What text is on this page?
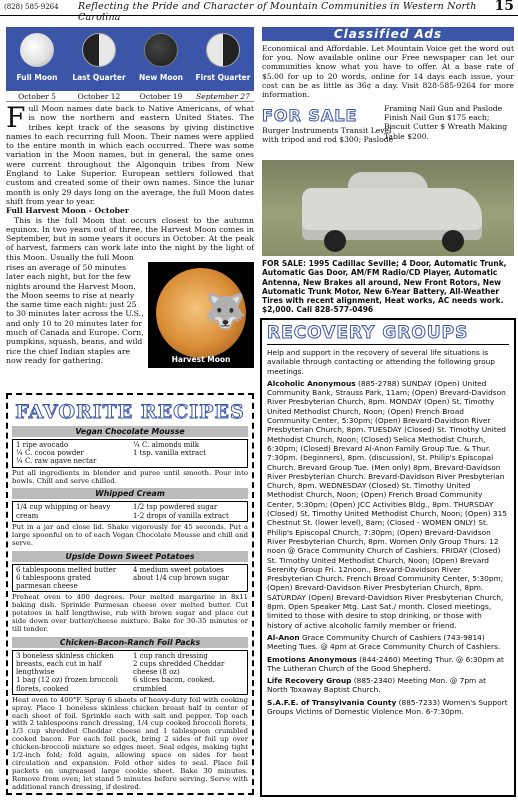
(828) 585-9264 Reflecting the Pride and Character of Mountain Communities in Western North Carolina
15
Full Moon	Last Quarter	New Moon	First Quarter
October 5	October 12	October 19	September 27

Full Moon names date back to Native Americans, of what is now the northern and eastern United States. The tribes kept track of the seasons by giving distinctive names to each recurring full Moon. Their names were applied to the entire month in which each occurred. There was some variation in the Moon names, but in general, the same ones were current throughout the Algonquin tribes from New England to Lake Superior. European settlers followed that custom and created some of their own names. Since the lunar month is only 29 days long on the average, the full Moon dates shift from year to year.

Full Harvest Moon - October

This is the full Moon that occurs closest to the autumn equinox. In two years out of three, the Harvest Moon comes in September, but in some years it occurs in October. At the peak of harvest, farmers can work late into the night by the light of this Moon. Usually the full Moon

rises an average of 50 minutes later each night, but for the few nights around the Harvest Moon, the Moon seems to rise at nearly the same time each night: just 25 to 30 minutes later across the U.S., and only 10 to 20 minutes later for much of Canada and Europe. Corn, pumpkins, squash, beans, and wild rice the chief Indian staples are now ready for gathering.
🐺
Harvest Moon
FAVORITE RECIPES
Vegan Chocolate Mousse
1 ripe avocado
¼ C. cocoa powder
¼ C. raw agave nectar
¼ C. almonds milk
1 tsp. vanilla extract
Put all ingredients in blender and puree until smooth. Pour into bowls. Chill and serve chilled.
Whipped Cream
1/4 cup whipping or heavy cream
1/2 tsp powdered sugar
1-2 drops of vanilla extract
Put in a jar and close lid. Shake vigorously for 45 seconds. Put a large spoonful on to of each Vegan Chocolate Mousse and chill and serve.
Upside Down Sweet Potatoes
6 tablespoons melted butter
6 tablespoons grated parmesan cheese
4 medium sweet potatoes about 1/4 cup brown sugar
Preheat oven to 400 degrees. Pour melted margarine in 8x11 baking dish. Sprinkle Parmesan cheese over melted butter. Cut potatoes in half lengthwise, rub with brown sugar and place cut side down over butter/cheese mixture. Bake for 30-35 minutes or till tender.
Chicken-Bacon-Ranch Foil Packs
3 boneless skinless chicken breasts, each cut in half lengthwise
1 bag (12 oz) frozen broccoli florets, cooked
1 cup ranch dressing
2 cups shredded Cheddar cheese (8 oz)
6 slices bacon, cooked, crumbled
Heat oven to 400°F. Spray 6 sheets of heavy-duty foil with cooking spray. Place 1 boneless skinless chicken breast half in center of each sheet of foil. Sprinkle each with salt and pepper. Top each with 2 tablespoons ranch dressing, 1/4 cup cooked broccoli florets, 1/3 cup shredded Cheddar cheese and 1 tablespoon crumbled cooked bacon. For each foil pack, bring 2 sides of foil up over chicken-broccoli mixture so edges meet. Seal edges, making tight 1/2-inch fold; fold again, allowing space on sides for heat circulation and expansion. Fold other sides to seal. Place foil packets on ungreased large cookie sheet. Bake 30 minutes. Remove from oven; let stand 5 minutes before serving. Serve with additional ranch dressing, if desired.
Classified Ads
Economical and Affordable. Let Mountain Voice get the word out for you. Now available online our Free newspaper can let our communities know what you have to offer. At a base rate of $5.00 for up to 20 words, online for 14 days each issue, your cost can be as little as 36¢ a day. Visit 828-585-9264 for more information.
FOR SALE
Burger Instruments Transit Level with tripod and rod $300; Paslode
Framing Nail Gun and Paslode Finish Nail Gun $175 each; Biscuit Cutter $ Wreath Making Table $200.
FOR SALE: 1995 Cadillac Seville; 4 Door, Automatic Trunk, Automatic Gas Door, AM/FM Radio/CD Player, Automatic Antenna, New Brakes all around, New Front Rotors, New Automatic Trunk Motor, New 6-Year Battery, All-Weather Tires with recent alignment, Heat works, AC needs work. $2,000. Call 828-577-0496
RECOVERY GROUPS
Help and support in the recovery of several life situations is available through contacting or attending the following group meetings.
Alcoholic Anonymous (885-2788) SUNDAY (Open) United Community Bank, Strauss Park, 11am; (Open) Brevard-Davidson River Presbyterian Church, 8pm. MONDAY (Open) St. Timothy United Methodist Church, Noon; (Open) French Broad Community Center, 5:30pm; (Open) Brevard-Davidson River Presbyterian Church, 8pm. TUESDAY (Closed) St. Timothy United Methodist Church, Noon; (Closed) Selica Methodist Church, 6:30pm; (Closed) Brevard Al-Anon Family Group Tue. & Thur. 7:30pm. (beginners), 8pm. (discussion), St. Philip's Episcopal Church. Brevard Group Tue. (Men only) 8pm, Brevard-Davidson River Presbyterian Church. Brevard-Davidson River Presbyterian Church, 8pm. WEDNESDAY (Closed) St. Timothy United Methodist Church, Noon; (Open) French Broad Community Center, 5:30pm; (Open) JCC Activities Bldg., 8pm. THURSDAY (Closed) St. Timothy United Methodist Church, Noon; (Open) 315 Chestnut St. (lower level), 8am; (Closed - WOMEN ONLY) St. Philip's Episcopal Church, 7:30pm; (Open) Brevard-Davidson River Presbyterian Church, 8pm. Women Only Group Thurs. 12 noon @ Grace Community Church of Cashiers. FRIDAY (Closed) St. Timothy United Methodist Church, Noon; (Open) Brevard Serenity Group Fri. 12noon., Brevard-Davidson River Presbyterian Church. French Broad Community Center, 5:30pm; (Open) Brevard-Davidson River Presbyterian Church, 8pm. SATURDAY (Open) Brevard-Davidson River Presbyterian Church, 8pm. Open Speaker Mtg. Last Sat./ month. Closed meetings, limited to those with desire to stop drinking, or those with history of active alcoholic family member or friend.
Al-Anon Grace Community Church of Cashiers (743-9814) Meeting Tues. @ 4pm at Grace Community Church of Cashiers.
Emotions Anonymous (844-2460) Meeting Thur. @ 6:30pm at The Lutheran Church of the Good Shepherd.
Life Recovery Group (885-2340) Meeting Mon. @ 7pm at North Toxaway Baptist Church.
S.A.F.E. of Transylvania County (885-7233) Women's Support Groups Victims of Domestic Violence Mon. 6-7:30pm.
